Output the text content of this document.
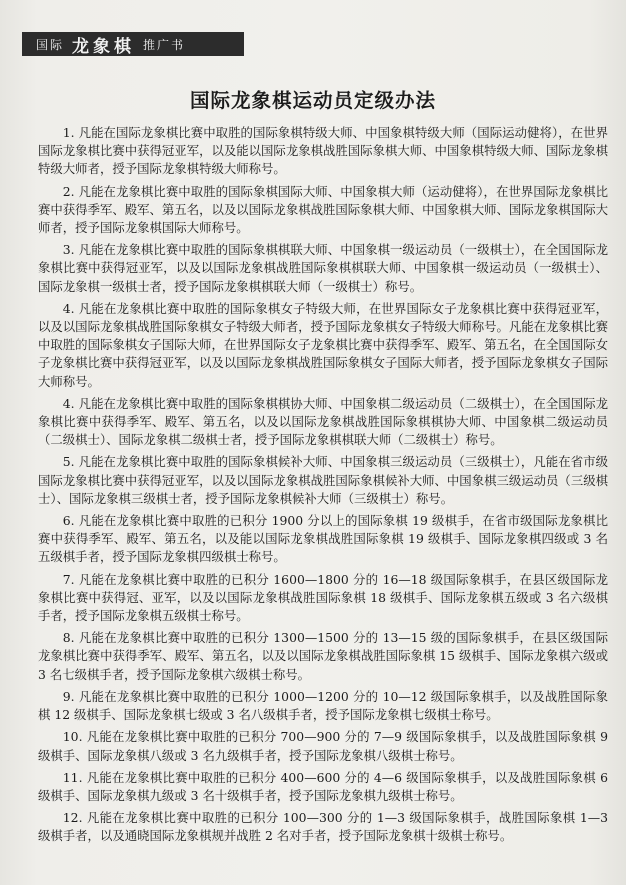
国际 龙象棋 推广书
国际龙象棋运动员定级办法

1. 凡能在国际龙象棋比赛中取胜的国际象棋特级大师、中国象棋特级大师（国际运动健将），在世界国际龙象棋比赛中获得冠亚军，以及能以国际龙象棋战胜国际象棋大师、中国象棋特级大师、国际龙象棋特级大师者，授予国际龙象棋特级大师称号。

2. 凡能在龙象棋比赛中取胜的国际象棋国际大师、中国象棋大师（运动健将），在世界国际龙象棋比赛中获得季军、殿军、第五名，以及以国际龙象棋战胜国际象棋大师、中国象棋大师、国际龙象棋国际大师者，授予国际龙象棋国际大师称号。

3. 凡能在龙象棋比赛中取胜的国际象棋棋联大师、中国象棋一级运动员（一级棋士），在全国国际龙象棋比赛中获得冠亚军，以及以国际龙象棋战胜国际象棋棋联大师、中国象棋一级运动员（一级棋士）、国际龙象棋一级棋士者，授予国际龙象棋棋联大师（一级棋士）称号。

4. 凡能在龙象棋比赛中取胜的国际象棋女子特级大师，在世界国际女子龙象棋比赛中获得冠亚军，以及以国际龙象棋战胜国际象棋女子特级大师者，授予国际龙象棋女子特级大师称号。凡能在龙象棋比赛中取胜的国际象棋女子国际大师，在世界国际女子龙象棋比赛中获得季军、殿军、第五名，在全国国际女子龙象棋比赛中获得冠亚军，以及以国际龙象棋战胜国际象棋女子国际大师者，授予国际龙象棋女子国际大师称号。

4. 凡能在龙象棋比赛中取胜的国际象棋棋协大师、中国象棋二级运动员（二级棋士），在全国国际龙象棋比赛中获得季军、殿军、第五名，以及以国际龙象棋战胜国际象棋棋协大师、中国象棋二级运动员（二级棋士）、国际龙象棋二级棋士者，授予国际龙象棋棋联大师（二级棋士）称号。

5. 凡能在龙象棋比赛中取胜的国际象棋候补大师、中国象棋三级运动员（三级棋士），凡能在省市级国际龙象棋比赛中获得冠亚军，以及以国际龙象棋战胜国际象棋候补大师、中国象棋三级运动员（三级棋士）、国际龙象棋三级棋士者，授予国际龙象棋候补大师（三级棋士）称号。

6. 凡能在龙象棋比赛中取胜的已积分 1900 分以上的国际象棋 19 级棋手，在省市级国际龙象棋比赛中获得季军、殿军、第五名，以及能以国际龙象棋战胜国际象棋 19 级棋手、国际龙象棋四级或 3 名五级棋手者，授予国际龙象棋四级棋士称号。

7. 凡能在龙象棋比赛中取胜的已积分 1600—1800 分的 16—18 级国际象棋手，在县区级国际龙象棋比赛中获得冠、亚军，以及以国际龙象棋战胜国际象棋 18 级棋手、国际龙象棋五级或 3 名六级棋手者，授予国际龙象棋五级棋士称号。

8. 凡能在龙象棋比赛中取胜的已积分 1300—1500 分的 13—15 级的国际象棋手，在县区级国际龙象棋比赛中获得季军、殿军、第五名，以及以国际龙象棋战胜国际象棋 15 级棋手、国际龙象棋六级或 3 名七级棋手者，授予国际龙象棋六级棋士称号。

9. 凡能在龙象棋比赛中取胜的已积分 1000—1200 分的 10—12 级国际象棋手，以及战胜国际象棋 12 级棋手、国际龙象棋七级或 3 名八级棋手者，授予国际龙象棋七级棋士称号。

10. 凡能在龙象棋比赛中取胜的已积分 700—900 分的 7—9 级国际象棋手，以及战胜国际象棋 9 级棋手、国际龙象棋八级或 3 名九级棋手者，授予国际龙象棋八级棋士称号。

11. 凡能在龙象棋比赛中取胜的已积分 400—600 分的 4—6 级国际象棋手，以及战胜国际象棋 6 级棋手、国际龙象棋九级或 3 名十级棋手者，授予国际龙象棋九级棋士称号。

12. 凡能在龙象棋比赛中取胜的已积分 100—300 分的 1—3 级国际象棋手，战胜国际象棋 1—3 级棋手者，以及通晓国际龙象棋规并战胜 2 名对手者，授予国际龙象棋十级棋士称号。
